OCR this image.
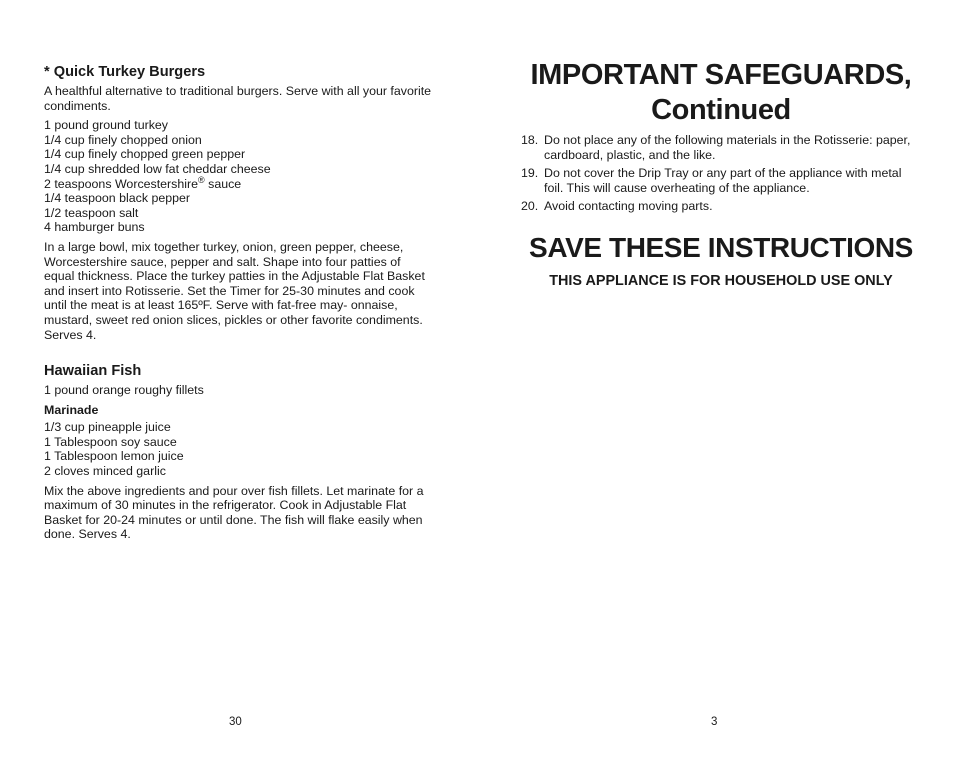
* Quick Turkey Burgers

A healthful alternative to traditional burgers. Serve with all your favorite condiments.

1 pound ground turkey
1/4 cup finely chopped onion
1/4 cup finely chopped green pepper
1/4 cup shredded low fat cheddar cheese
2 teaspoons Worcestershire® sauce
1/4 teaspoon black pepper
1/2 teaspoon salt
4 hamburger buns

In a large bowl, mix together turkey, onion, green pepper, cheese, Worcestershire sauce, pepper and salt. Shape into four patties of equal thickness. Place the turkey patties in the Adjustable Flat Basket and insert into Rotisserie. Set the Timer for 25-30 minutes and cook until the meat is at least 165ºF. Serve with fat-free may- onnaise, mustard, sweet red onion slices, pickles or other favorite condiments. Serves 4.

Hawaiian Fish

1 pound orange roughy fillets

Marinade
1/3 cup pineapple juice
1 Tablespoon soy sauce
1 Tablespoon lemon juice
2 cloves minced garlic

Mix the above ingredients and pour over fish fillets. Let marinate for a maximum of 30 minutes in the refrigerator. Cook in Adjustable Flat Basket for 20-24 minutes or until done. The fish will flake easily when done. Serves 4.

30
IMPORTANT SAFEGUARDS,
Continued
18. Do not place any of the following materials in the Rotisserie: paper, cardboard, plastic, and the like.
19. Do not cover the Drip Tray or any part of the appliance with metal foil. This will cause overheating of the appliance.
20. Avoid contacting moving parts.
SAVE THESE INSTRUCTIONS

THIS APPLIANCE IS FOR HOUSEHOLD USE ONLY

3
